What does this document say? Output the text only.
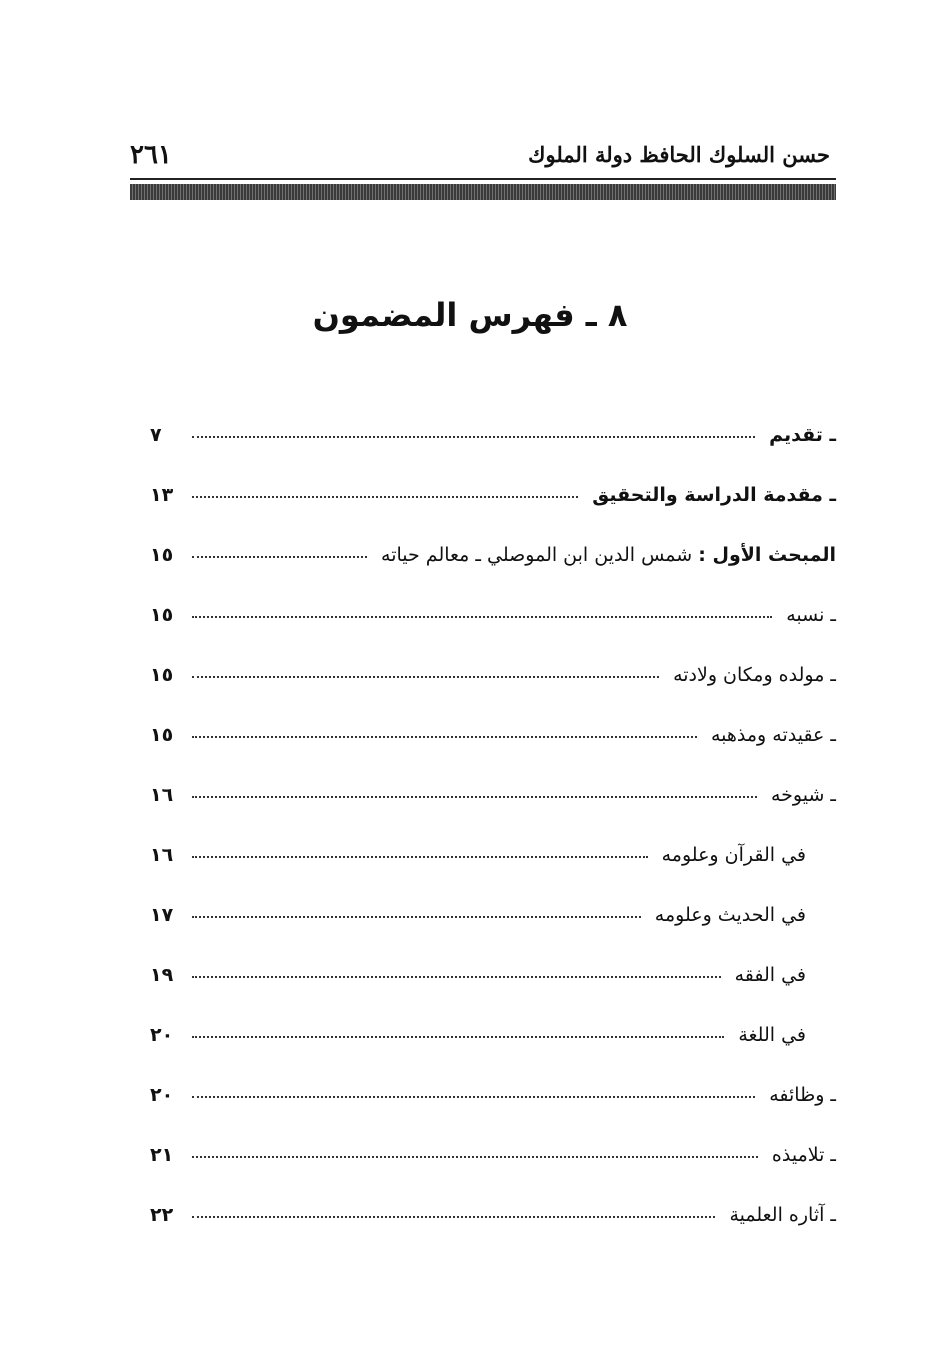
حسن السلوك الحافظ دولة الملوك
٢٦١
٨ ـ فهرس المضمون
ـ تقديم
٧
ـ مقدمة الدراسة والتحقيق
١٣
المبحث الأول : شمس الدين ابن الموصلي ـ معالم حياته
١٥
ـ نسبه
١٥
ـ مولده ومكان ولادته
١٥
ـ عقيدته ومذهبه
١٥
ـ شيوخه
١٦
في القرآن وعلومه
١٦
في الحديث وعلومه
١٧
في الفقه
١٩
في اللغة
٢٠
ـ وظائفه
٢٠
ـ تلاميذه
٢١
ـ آثاره العلمية
٢٢
